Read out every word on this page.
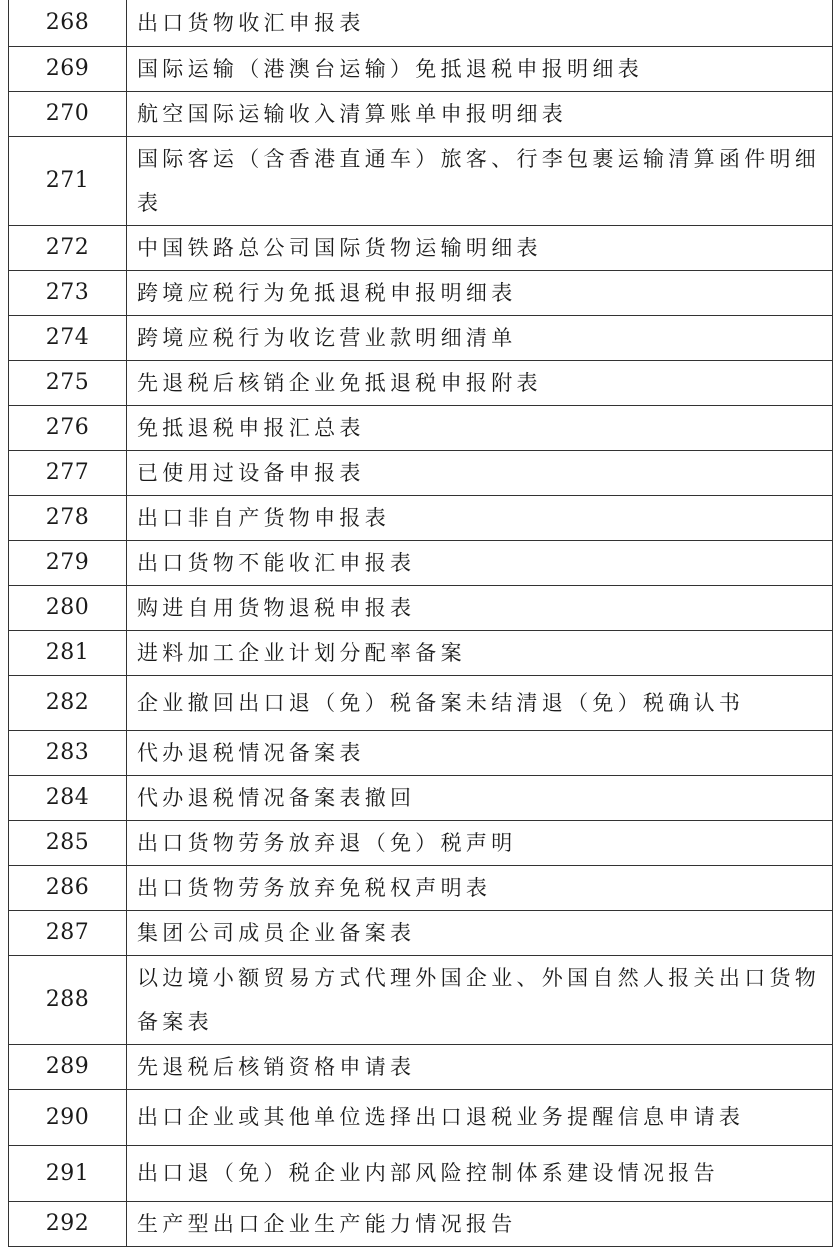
268	出口货物收汇申报表
269	国际运输（港澳台运输）免抵退税申报明细表
270	航空国际运输收入清算账单申报明细表
271	国际客运（含香港直通车）旅客、行李包裹运输清算函件明细表
272	中国铁路总公司国际货物运输明细表
273	跨境应税行为免抵退税申报明细表
274	跨境应税行为收讫营业款明细清单
275	先退税后核销企业免抵退税申报附表
276	免抵退税申报汇总表
277	已使用过设备申报表
278	出口非自产货物申报表
279	出口货物不能收汇申报表
280	购进自用货物退税申报表
281	进料加工企业计划分配率备案
282	企业撤回出口退（免）税备案未结清退（免）税确认书
283	代办退税情况备案表
284	代办退税情况备案表撤回
285	出口货物劳务放弃退（免）税声明
286	出口货物劳务放弃免税权声明表
287	集团公司成员企业备案表
288	以边境小额贸易方式代理外国企业、外国自然人报关出口货物备案表
289	先退税后核销资格申请表
290	出口企业或其他单位选择出口退税业务提醒信息申请表
291	出口退（免）税企业内部风险控制体系建设情况报告
292	生产型出口企业生产能力情况报告
